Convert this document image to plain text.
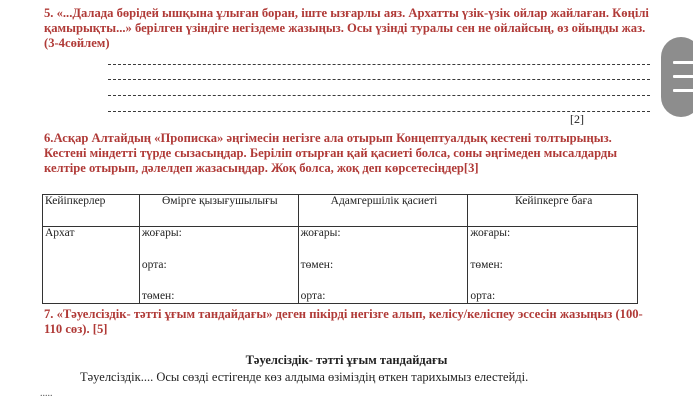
5. «...Далада бөрідей ышқына ұлыған боран, іште ызғарлы аяз. Архатты үзік-үзік ойлар жайлаған. Көңілі қамырықты...» берілген үзіндіге негіздеме жазыңыз. Осы үзінді туралы сен не ойлайсың, өз ойыңды жаз. (3-4сөйлем)

[2]

6.Асқар Алтайдың «Прописка» әңгімесін негізге ала отырып Концептуалдық кестені толтырыңыз. Кестені міндетті түрде сызасыңдар. Беріліп отырған қай қасиеті болса, соны әңгімеден мысалдарды келтіре отырып, дәлелдеп жазасыңдар. Жоқ болса, жоқ деп көрсетесіңдер[3]

Кейіпкерлер	Өмірге қызығушылығы	Адамгершілік қасиеті	Кейіпкерге баға
Архат	жоғары:
орта:
төмен:	жоғары:
төмен:
орта:	жоғары:
төмен:
орта:

7. «Тәуелсіздік- тәтті ұғым тандайдағы» деген пікірді негізге алып, келісу/келіспеу эссесін жазыңыз (100-110 сөз). [5]

Тәуелсіздік- тәтті ұғым тандайдағы
Тәуелсіздік.... Осы сөзді естігенде көз алдыма өзіміздің өткен тарихымыз елестейді.
.....
